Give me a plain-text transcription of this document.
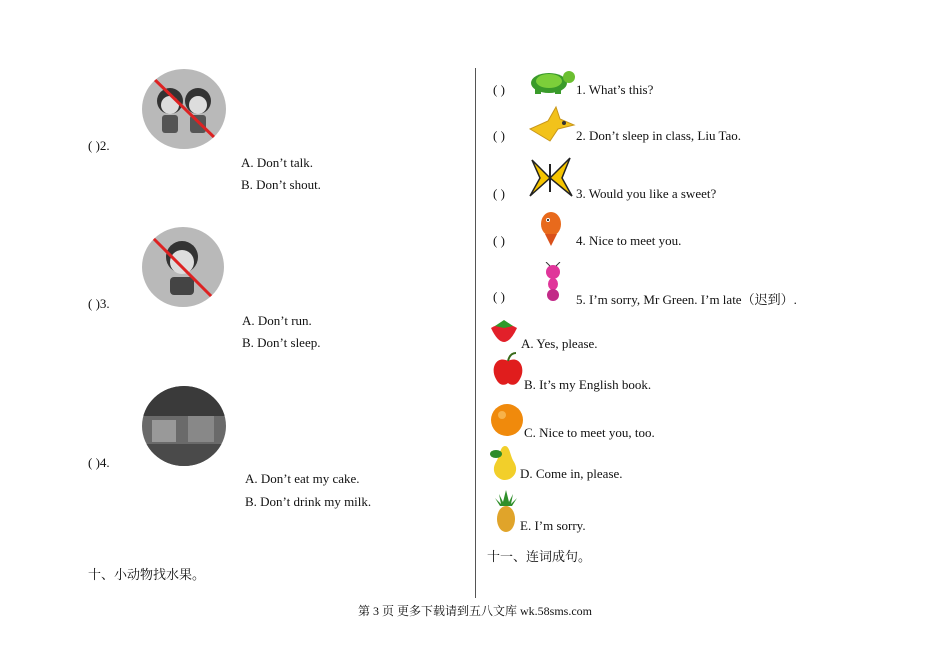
( )2.
A. Don’t talk.
B. Don’t shout.
( )3.
A. Don’t run.
B. Don’t sleep.
( )4.
A. Don’t eat my cake.
B. Don’t drink my milk.
十、小动物找水果。
( )	1. What’s this?
( )	2. Don’t sleep in class, Liu Tao.
( )	3. Would you like a sweet?
( )	4. Nice to meet you.
( )	5. I’m sorry, Mr Green. I’m late（迟到）.
A. Yes, please.
B. It’s my English book.
C. Nice to meet you, too.
D. Come in, please.
E. I’m sorry.
十一、连词成句。
第 3 页 更多下载请到五八文库 wk.58sms.com
